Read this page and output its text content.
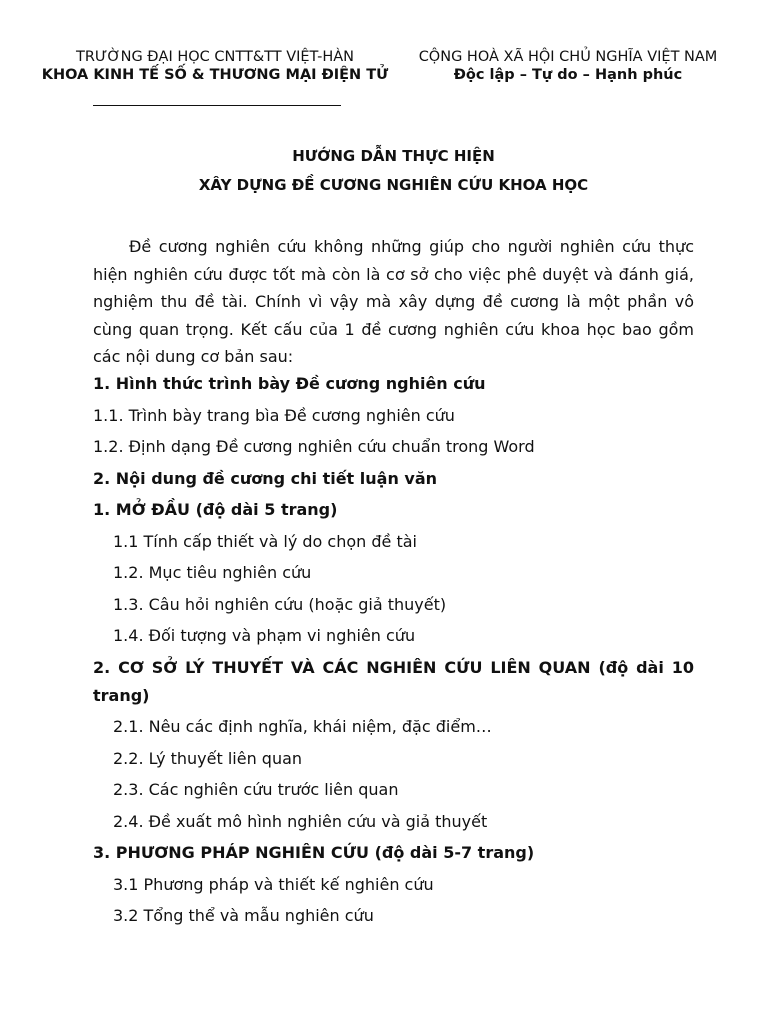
TRƯỜNG ĐẠI HỌC CNTT&TT VIỆT-HÀN
KHOA KINH TẾ SỐ & THƯƠNG MẠI ĐIỆN TỬ
CỘNG HOÀ XÃ HỘI CHỦ NGHĨA VIỆT NAM
Độc lập – Tự do – Hạnh phúc
HƯỚNG DẪN THỰC HIỆN
XÂY DỰNG ĐỀ CƯƠNG NGHIÊN CỨU KHOA HỌC

Đề cương nghiên cứu không những giúp cho người nghiên cứu thực hiện nghiên cứu được tốt mà còn là cơ sở cho việc phê duyệt và đánh giá, nghiệm thu đề tài. Chính vì vậy mà xây dựng đề cương là một phần vô cùng quan trọng. Kết cấu của 1 đề cương nghiên cứu khoa học bao gồm các nội dung cơ bản sau:

1. Hình thức trình bày Đề cương nghiên cứu

1.1. Trình bày trang bìa Đề cương nghiên cứu

1.2. Định dạng Đề cương nghiên cứu chuẩn trong Word

2. Nội dung đề cương chi tiết luận văn

1. MỞ ĐẦU (độ dài 5 trang)

1.1 Tính cấp thiết và lý do chọn đề tài

1.2. Mục tiêu nghiên cứu

1.3. Câu hỏi nghiên cứu (hoặc giả thuyết)

1.4. Đối tượng và phạm vi nghiên cứu

2. CƠ SỞ LÝ THUYẾT VÀ CÁC NGHIÊN CỨU LIÊN QUAN (độ dài 10 trang)

2.1. Nêu các định nghĩa, khái niệm, đặc điểm…

2.2. Lý thuyết liên quan

2.3. Các nghiên cứu trước liên quan

2.4. Đề xuất mô hình nghiên cứu và giả thuyết

3. PHƯƠNG PHÁP NGHIÊN CỨU (độ dài 5-7 trang)

3.1 Phương pháp và thiết kế nghiên cứu

3.2 Tổng thể và mẫu nghiên cứu
